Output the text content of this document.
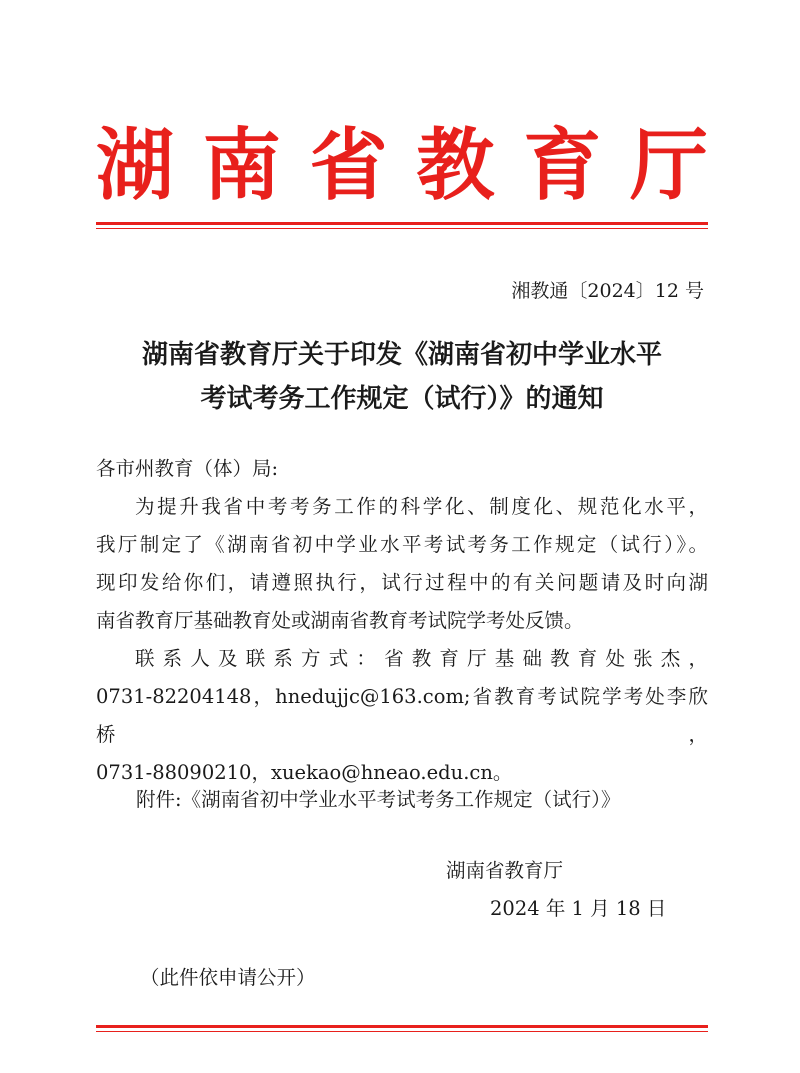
湖 南 省 教 育 厅
湘教通〔2024〕12 号
湖南省教育厅关于印发《湖南省初中学业水平
考试考务工作规定（试行）》的通知

各市州教育（体）局:

为提升我省中考考务工作的科学化、制度化、规范化水平，

我厅制定了《湖南省初中学业水平考试考务工作规定（试行）》。

现印发给你们，请遵照执行，试行过程中的有关问题请及时向湖

南省教育厅基础教育处或湖南省教育考试院学考处反馈。

联系人及联系方式：省教育厅基础教育处张杰，

0731-82204148，hnedujjc@163.com;省教育考试院学考处李欣桥，

0731-88090210，xuekao@hneao.edu.cn。

附件:《湖南省初中学业水平考试考务工作规定（试行）》
湖南省教育厅
2024 年 1 月 18 日
（此件依申请公开）
